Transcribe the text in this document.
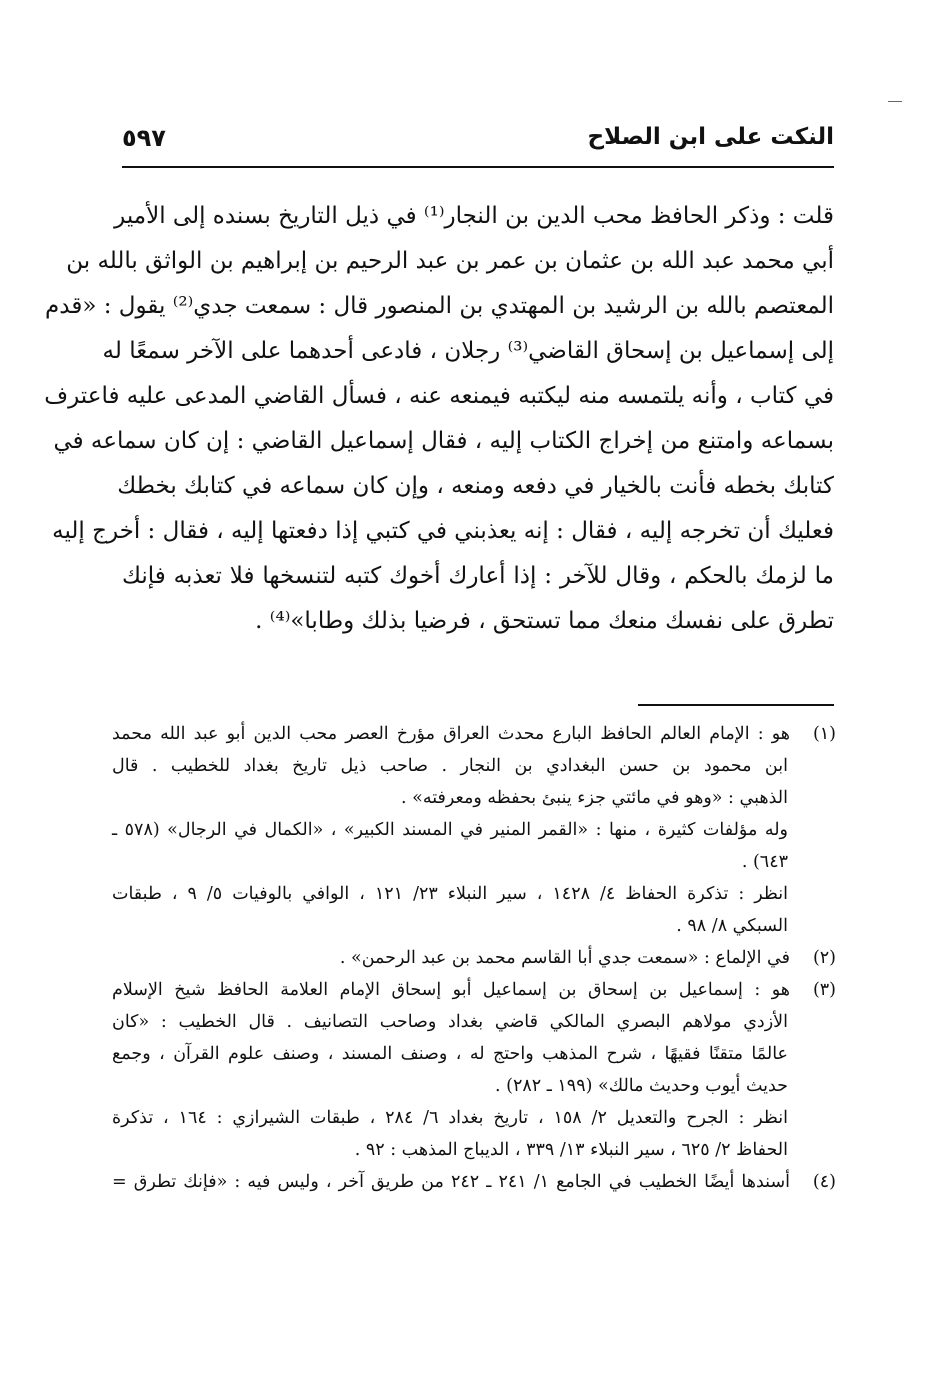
النكت على ابن الصلاح
٥٩٧
قلت : وذكر الحافظ محب الدين بن النجار⁽¹⁾ في ذيل التاريخ بسنده إلى الأمير
أبي محمد عبد الله بن عثمان بن عمر بن عبد الرحيم بن إبراهيم بن الواثق بالله بن
المعتصم بالله بن الرشيد بن المهتدي بن المنصور قال : سمعت جدي⁽²⁾ يقول : «قدم
إلى إسماعيل بن إسحاق القاضي⁽³⁾ رجلان ، فادعى أحدهما على الآخر سمعًا له
في كتاب ، وأنه يلتمسه منه ليكتبه فيمنعه عنه ، فسأل القاضي المدعى عليه فاعترف
بسماعه وامتنع من إخراج الكتاب إليه ، فقال إسماعيل القاضي : إن كان سماعه في
كتابك بخطه فأنت بالخيار في دفعه ومنعه ، وإن كان سماعه في كتابك بخطك
فعليك أن تخرجه إليه ، فقال : إنه يعذبني في كتبي إذا دفعتها إليه ، فقال : أخرج إليه
ما لزمك بالحكم ، وقال للآخر : إذا أعارك أخوك كتبه لتنسخها فلا تعذبه فإنك
تطرق على نفسك منعك مما تستحق ، فرضيا بذلك وطابا»⁽⁴⁾ .
(١)هو : الإمام العالم الحافظ البارع محدث العراق مؤرخ العصر محب الدين أبو عبد الله محمد
ابن محمود بن حسن البغدادي بن النجار . صاحب ذيل تاريخ بغداد للخطيب . قال
الذهبي : «وهو في مائتي جزء ينبئ بحفظه ومعرفته» .
وله مؤلفات كثيرة ، منها : «القمر المنير في المسند الكبير» ، «الكمال في الرجال» (٥٧٨ ـ
٦٤٣) .
انظر : تذكرة الحفاظ ٤/ ١٤٢٨ ، سير النبلاء ٢٣/ ١٢١ ، الوافي بالوفيات ٥/ ٩ ، طبقات
السبكي ٨/ ٩٨ .
(٢)في الإلماع : «سمعت جدي أبا القاسم محمد بن عبد الرحمن» .
(٣)هو : إسماعيل بن إسحاق بن إسماعيل أبو إسحاق الإمام العلامة الحافظ شيخ الإسلام
الأزدي مولاهم البصري المالكي قاضي بغداد وصاحب التصانيف . قال الخطيب : «كان
عالمًا متقنًا فقيهًا ، شرح المذهب واحتج له ، وصنف المسند ، وصنف علوم القرآن ، وجمع
حديث أيوب وحديث مالك» (١٩٩ ـ ٢٨٢) .
انظر : الجرح والتعديل ٢/ ١٥٨ ، تاريخ بغداد ٦/ ٢٨٤ ، طبقات الشيرازي : ١٦٤ ، تذكرة
الحفاظ ٢/ ٦٢٥ ، سير النبلاء ١٣/ ٣٣٩ ، الديباج المذهب : ٩٢ .
(٤)أسندها أيضًا الخطيب في الجامع ١/ ٢٤١ ـ ٢٤٢ من طريق آخر ، وليس فيه : «فإنك تطرق =
